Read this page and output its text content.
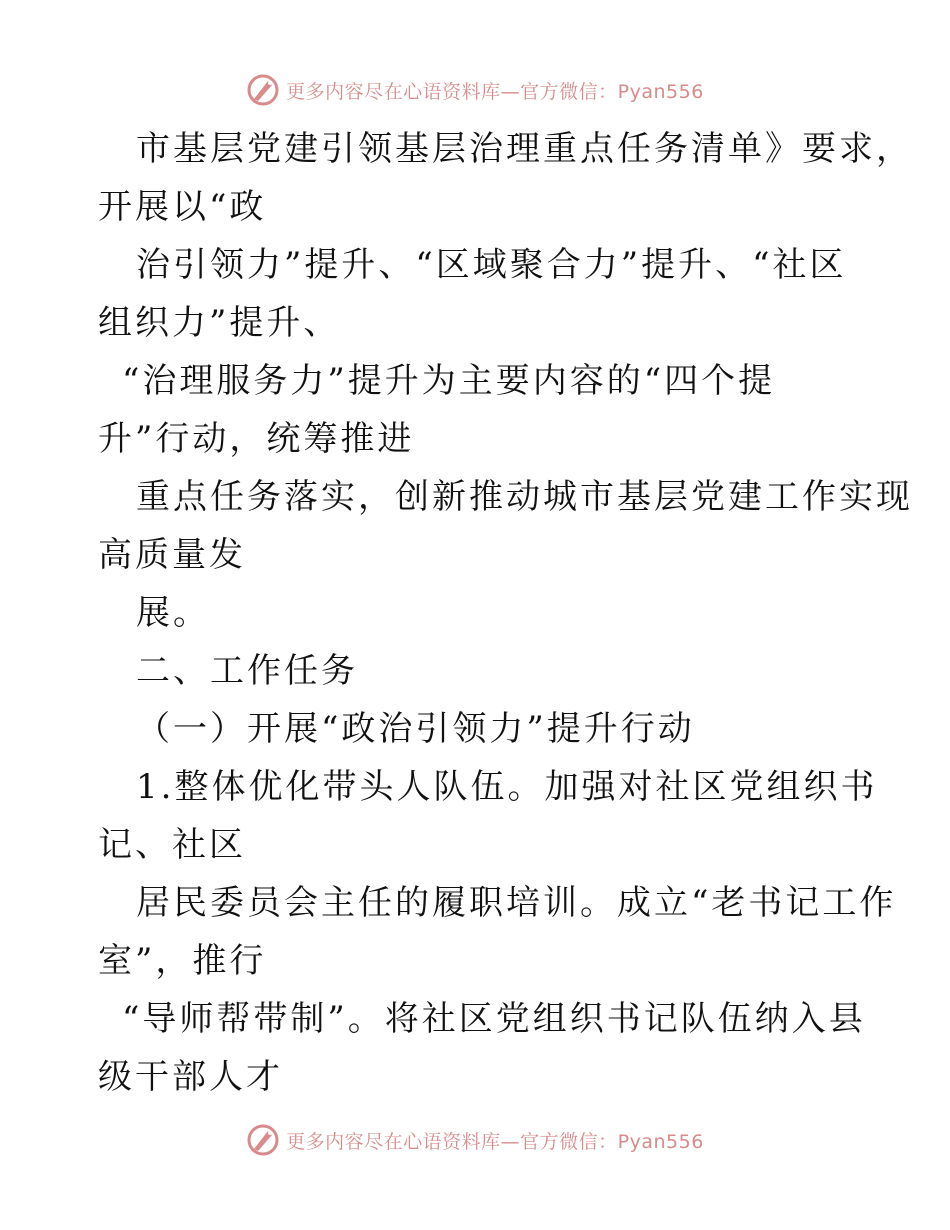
更多内容尽在心语资料库—官方微信：Pyan556
市基层党建引领基层治理重点任务清单》要求，
开展以“政
治引领力”提升、“区域聚合力”提升、“社区
组织力”提升、
“治理服务力”提升为主要内容的“四个提
升”行动，统筹推进
重点任务落实，创新推动城市基层党建工作实现
高质量发
展。
二、工作任务
（一）开展“政治引领力”提升行动
1.整体优化带头人队伍。加强对社区党组织书
记、社区
居民委员会主任的履职培训。成立“老书记工作
室”，推行
“导师帮带制”。将社区党组织书记队伍纳入县
级干部人才
更多内容尽在心语资料库—官方微信：Pyan556
